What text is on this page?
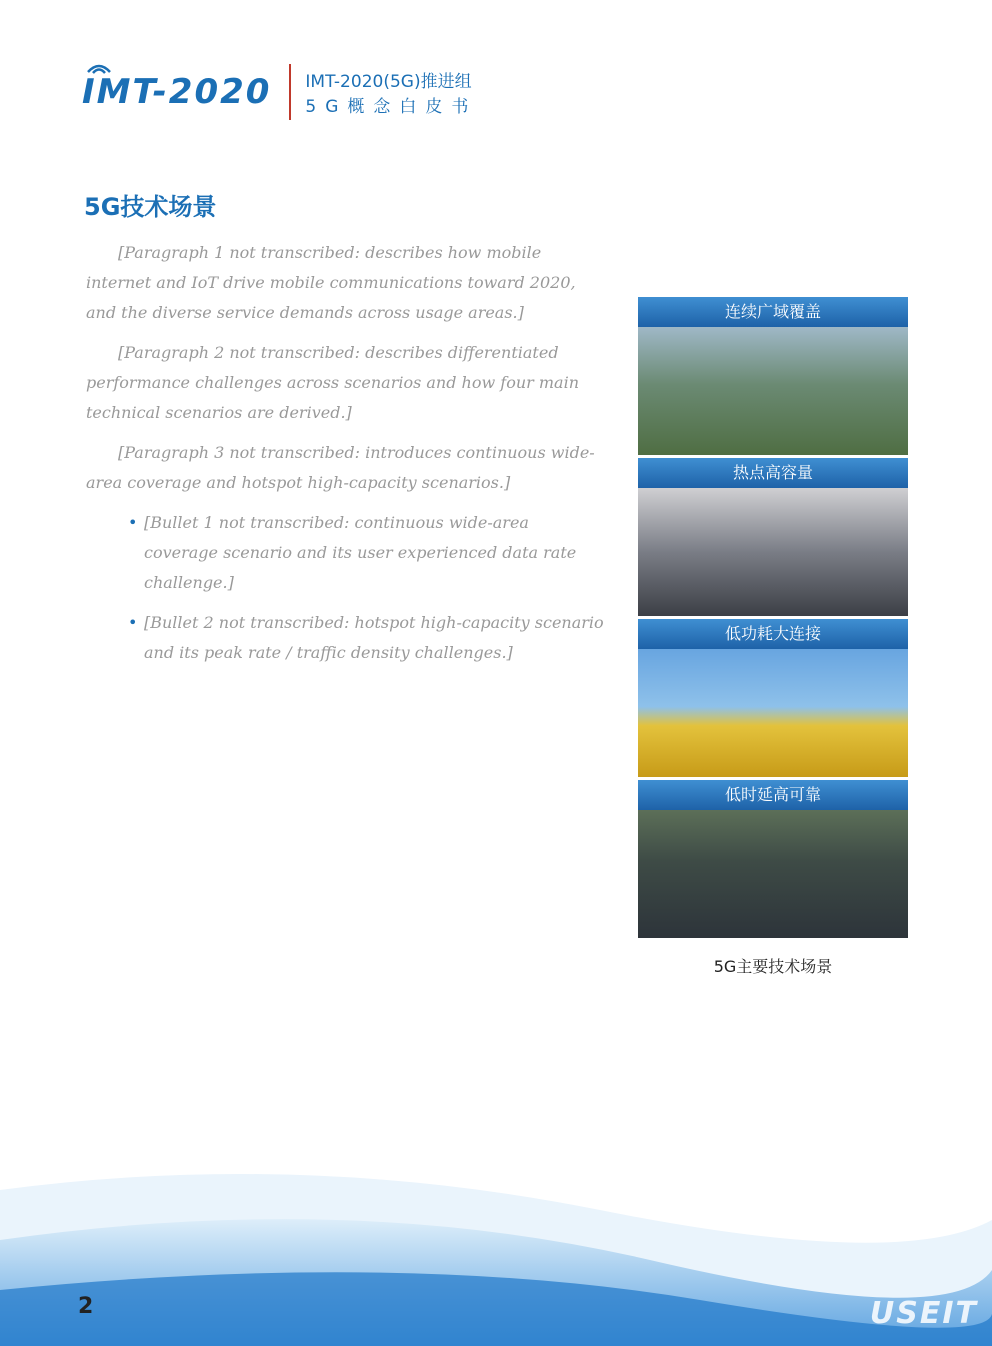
IMT-2020 IMT-2020(5G)推进组
5G概念白皮书
5G技术场景

[Paragraph 1 not transcribed: describes how mobile internet and IoT drive mobile communications toward 2020, and the diverse service demands across usage areas.]

[Paragraph 2 not transcribed: describes differentiated performance challenges across scenarios and how four main technical scenarios are derived.]

[Paragraph 3 not transcribed: introduces continuous wide-area coverage and hotspot high-capacity scenarios.]

• [Bullet 1 not transcribed: continuous wide-area coverage scenario and its user experienced data rate challenge.]
• [Bullet 2 not transcribed: hotspot high-capacity scenario and its peak rate / traffic density challenges.]
连续广域覆盖
热点高容量
低功耗大连接
低时延高可靠
5G主要技术场景
2	USEIT
